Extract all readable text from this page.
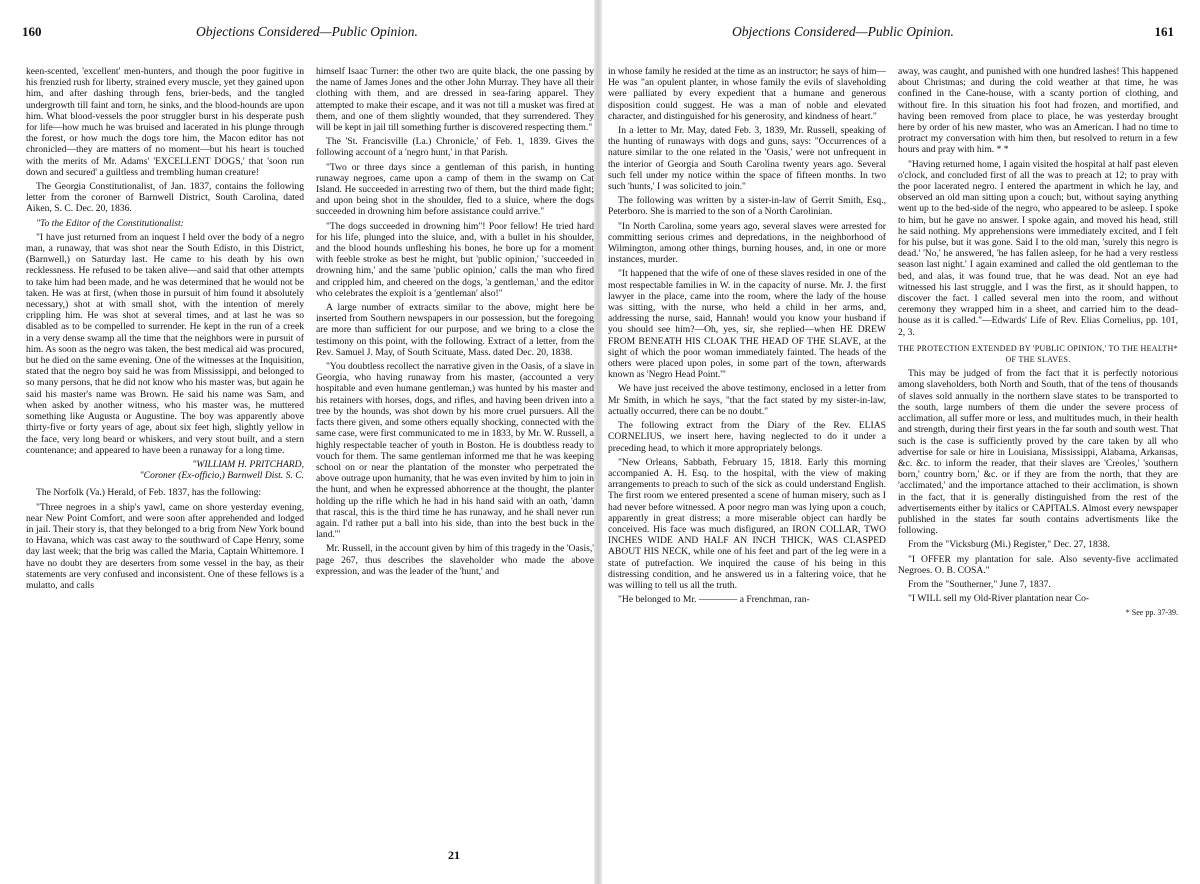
160	Objections Considered—Public Opinion.

keen-scented, 'excellent' men-hunters, and though the poor fugitive in his frenzied rush for liberty, strained every muscle, yet they gained upon him, and after dashing through fens, brier-beds, and the tangled undergrowth till faint and torn, he sinks, and the blood-hounds are upon him. What blood-vessels the poor struggler burst in his desperate push for life—how much he was bruised and lacerated in his plunge through the forest, or how much the dogs tore him, the Macon editor has not chronicled—they are matters of no moment—but his heart is touched with the merits of Mr. Adams' 'EXCELLENT DOGS,' that 'soon run down and secured' a guiltless and trembling human creature!

The Georgia Constitutionalist, of Jan. 1837, contains the following letter from the coroner of Barnwell District, South Carolina, dated Aiken, S. C. Dec. 20, 1836.

"To the Editor of the Constitutionalist:

"I have just returned from an inquest I held over the body of a negro man, a runaway, that was shot near the South Edisto, in this District, (Barnwell,) on Saturday last. He came to his death by his own recklessness. He refused to be taken alive—and said that other attempts to take him had been made, and he was determined that he would not be taken. He was at first, (when those in pursuit of him found it absolutely necessary,) shot at with small shot, with the intention of merely crippling him. He was shot at several times, and at last he was so disabled as to be compelled to surrender. He kept in the run of a creek in a very dense swamp all the time that the neighbors were in pursuit of him. As soon as the negro was taken, the best medical aid was procured, but he died on the same evening. One of the witnesses at the Inquisition, stated that the negro boy said he was from Mississippi, and belonged to so many persons, that he did not know who his master was, but again he said his master's name was Brown. He said his name was Sam, and when asked by another witness, who his master was, he muttered something like Augusta or Augustine. The boy was apparently above thirty-five or forty years of age, about six feet high, slightly yellow in the face, very long beard or whiskers, and very stout built, and a stern countenance; and appeared to have been a runaway for a long time.

"WILLIAM H. PRITCHARD,

"Coroner (Ex-officio,) Barnwell Dist. S. C.

The Norfolk (Va.) Herald, of Feb. 1837, has the following:

"Three negroes in a ship's yawl, came on shore yesterday evening, near New Point Comfort, and were soon after apprehended and lodged in jail. Their story is, that they belonged to a brig from New York bound to Havana, which was cast away to the southward of Cape Henry, some day last week; that the brig was called the Maria, Captain Whittemore. I have no doubt they are deserters from some vessel in the bay, as their statements are very confused and inconsistent. One of these fellows is a mulatto, and calls

himself Isaac Turner: the other two are quite black, the one passing by the name of James Jones and the other John Murray. They have all their clothing with them, and are dressed in sea-faring apparel. They attempted to make their escape, and it was not till a musket was fired at them, and one of them slightly wounded, that they surrendered. They will be kept in jail till something further is discovered respecting them."

The 'St. Francisville (La.) Chronicle,' of Feb. 1, 1839. Gives the following account of a 'negro hunt,' in that Parish.

"Two or three days since a gentleman of this parish, in hunting runaway negroes, came upon a camp of them in the swamp on Cat Island. He succeeded in arresting two of them, but the third made fight; and upon being shot in the shoulder, fled to a sluice, where the dogs succeeded in drowning him before assistance could arrive."

"The dogs succeeded in drowning him"! Poor fellow! He tried hard for his life, plunged into the sluice, and, with a bullet in his shoulder, and the blood hounds unfleshing his bones, he bore up for a moment with feeble stroke as best he might, but 'public opinion,' 'succeeded in drowning him,' and the same 'public opinion,' calls the man who fired and crippled him, and cheered on the dogs, 'a gentleman,' and the editor who celebrates the exploit is a 'gentleman' also!"

A large number of extracts similar to the above, might here be inserted from Southern newspapers in our possession, but the foregoing are more than sufficient for our purpose, and we bring to a close the testimony on this point, with the following. Extract of a letter, from the Rev. Samuel J. May, of South Scituate, Mass. dated Dec. 20, 1838.

"You doubtless recollect the narrative given in the Oasis, of a slave in Georgia, who having runaway from his master, (accounted a very hospitable and even humane gentleman,) was hunted by his master and his retainers with horses, dogs, and rifles, and having been driven into a tree by the hounds, was shot down by his more cruel pursuers. All the facts there given, and some others equally shocking, connected with the same case, were first communicated to me in 1833, by Mr. W. Russell, a highly respectable teacher of youth in Boston. He is doubtless ready to vouch for them. The same gentleman informed me that he was keeping school on or near the plantation of the monster who perpetrated the above outrage upon humanity, that he was even invited by him to join in the hunt, and when he expressed abhorrence at the thought, the planter holding up the rifle which he had in his hand said with an oath, 'damn that rascal, this is the third time he has runaway, and he shall never run again. I'd rather put a ball into his side, than into the best buck in the land.'"

Mr. Russell, in the account given by him of this tragedy in the 'Oasis,' page 267, thus describes the slaveholder who made the above expression, and was the leader of the 'hunt,' and

Objections Considered—Public Opinion.	161

in whose family he resided at the time as an instructor; he says of him—He was "an opulent planter, in whose family the evils of slaveholding were palliated by every expedient that a humane and generous disposition could suggest. He was a man of noble and elevated character, and distinguished for his generosity, and kindness of heart."

In a letter to Mr. May, dated Feb. 3, 1839, Mr. Russell, speaking of the hunting of runaways with dogs and guns, says: "Occurrences of a nature similar to the one related in the 'Oasis,' were not unfrequent in the interior of Georgia and South Carolina twenty years ago. Several such fell under my notice within the space of fifteen months. In two such 'hunts,' I was solicited to join."

The following was written by a sister-in-law of Gerrit Smith, Esq., Peterboro. She is married to the son of a North Carolinian.

"In North Carolina, some years ago, several slaves were arrested for committing serious crimes and depredations, in the neighborhood of Wilmington, among other things, burning houses, and, in one or more instances, murder.

"It happened that the wife of one of these slaves resided in one of the most respectable families in W. in the capacity of nurse. Mr. J. the first lawyer in the place, came into the room, where the lady of the house was sitting, with the nurse, who held a child in her arms, and, addressing the nurse, said, Hannah! would you know your husband if you should see him?—Oh, yes, sir, she replied—when HE DREW FROM BENEATH HIS CLOAK THE HEAD OF THE SLAVE, at the sight of which the poor woman immediately fainted. The heads of the others were placed upon poles, in some part of the town, afterwards known as 'Negro Head Point.'"

We have just received the above testimony, enclosed in a letter from Mr Smith, in which he says, "that the fact stated by my sister-in-law, actually occurred, there can be no doubt."

The following extract from the Diary of the Rev. ELIAS CORNELIUS, we insert here, having neglected to do it under a preceding head, to which it more appropriately belongs.

"New Orleans, Sabbath, February 15, 1818. Early this morning accompanied A. H. Esq. to the hospital, with the view of making arrangements to preach to such of the sick as could understand English. The first room we entered presented a scene of human misery, such as I had never before witnessed. A poor negro man was lying upon a couch, apparently in great distress; a more miserable object can hardly be conceived. His face was much disfigured, an IRON COLLAR, TWO INCHES WIDE AND HALF AN INCH THICK, WAS CLASPED ABOUT HIS NECK, while one of his feet and part of the leg were in a state of putrefaction. We inquired the cause of his being in this distressing condition, and he answered us in a faltering voice, that he was willing to tell us all the truth.

"He belonged to Mr. ———— a Frenchman, ran-

away, was caught, and punished with one hundred lashes! This happened about Christmas; and during the cold weather at that time, he was confined in the Cane-house, with a scanty portion of clothing, and without fire. In this situation his foot had frozen, and mortified, and having been removed from place to place, he was yesterday brought here by order of his new master, who was an American. I had no time to protract my conversation with him then, but resolved to return in a few hours and pray with him. * *

"Having returned home, I again visited the hospital at half past eleven o'clock, and concluded first of all the was to preach at 12; to pray with the poor lacerated negro. I entered the apartment in which he lay, and observed an old man sitting upon a couch; but, without saying anything went up to the bed-side of the negro, who appeared to be asleep. I spoke to him, but he gave no answer. I spoke again, and moved his head, still he said nothing. My apprehensions were immediately excited, and I felt for his pulse, but it was gone. Said I to the old man, 'surely this negro is dead.' 'No,' he answered, 'he has fallen asleep, for he had a very restless season last night.' I again examined and called the old gentleman to the bed, and alas, it was found true, that he was dead. Not an eye had witnessed his last struggle, and I was the first, as it should happen, to discover the fact. I called several men into the room, and without ceremony they wrapped him in a sheet, and carried him to the dead-house as it is called."—Edwards' Life of Rev. Elias Cornelius, pp. 101, 2, 3.

THE PROTECTION EXTENDED BY 'PUBLIC OPINION,' TO THE HEALTH* OF THE SLAVES.

This may be judged of from the fact that it is perfectly notorious among slaveholders, both North and South, that of the tens of thousands of slaves sold annually in the northern slave states to be transported to the south, large numbers of them die under the severe process of acclimation, all suffer more or less, and multitudes much, in their health and strength, during their first years in the far south and south west. That such is the case is sufficiently proved by the care taken by all who advertise for sale or hire in Louisiana, Mississippi, Alabama, Arkansas, &c. &c. to inform the reader, that their slaves are 'Creoles,' 'southern born,' country born,' &c. or if they are from the north, that they are 'acclimated,' and the importance attached to their acclimation, is shown in the fact, that it is generally distinguished from the rest of the advertisements either by italics or CAPITALS. Almost every newspaper published in the states far south contains advertisments like the following.

From the "Vicksburg (Mi.) Register," Dec. 27, 1838.

"I OFFER my plantation for sale. Also seventy-five acclimated Negroes. O. B. COSA."

From the "Southerner," June 7, 1837.

"I WILL sell my Old-River plantation near Co-

* See pp. 37-39.

21
